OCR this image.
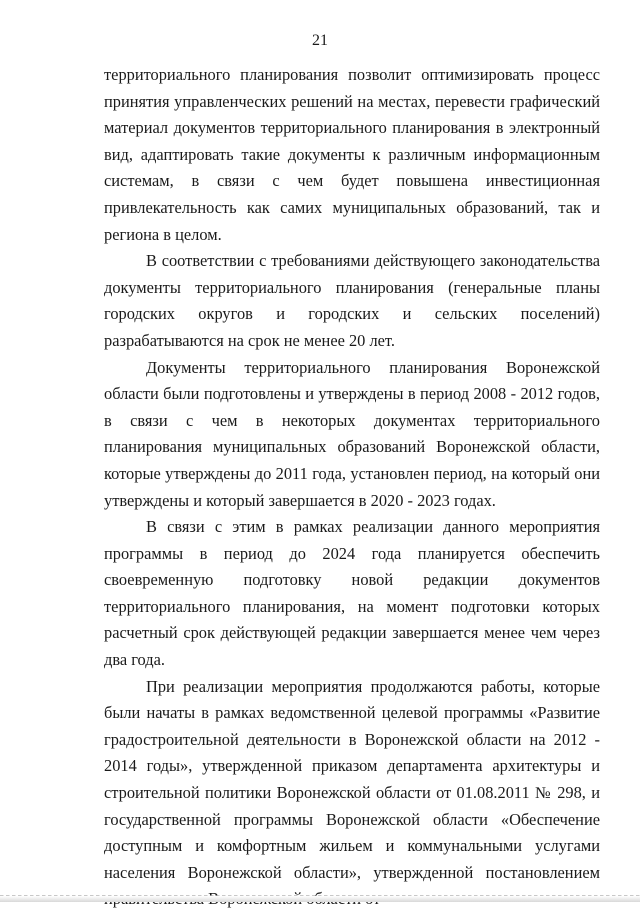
21

территориального планирования позволит оптимизировать процесс принятия управленческих решений на местах, перевести графический материал документов территориального планирования в электронный вид, адаптировать такие документы к различным информационным системам, в связи с чем будет повышена инвестиционная привлекательность как самих муниципальных образований, так и региона в целом.

В соответствии с требованиями действующего законодательства документы территориального планирования (генеральные планы городских округов и городских и сельских поселений) разрабатываются на срок не менее 20 лет.

Документы территориального планирования Воронежской области были подготовлены и утверждены в период 2008 - 2012 годов, в связи с чем в некоторых документах территориального планирования муниципальных образований Воронежской области, которые утверждены до 2011 года, установлен период, на который они утверждены и который завершается в 2020 - 2023 годах.

В связи с этим в рамках реализации данного мероприятия программы в период до 2024 года планируется обеспечить своевременную подготовку новой редакции документов территориального планирования, на момент подготовки которых расчетный срок действующей редакции завершается менее чем через два года.

При реализации мероприятия продолжаются работы, которые были начаты в рамках ведомственной целевой программы «Развитие градостроительной деятельности в Воронежской области на 2012 - 2014 годы», утвержденной приказом департамента архитектуры и строительной политики Воронежской области от 01.08.2011 № 298, и государственной программы Воронежской области «Обеспечение доступным и комфортным жильем и коммунальными услугами населения Воронежской области», утвержденной постановлением
